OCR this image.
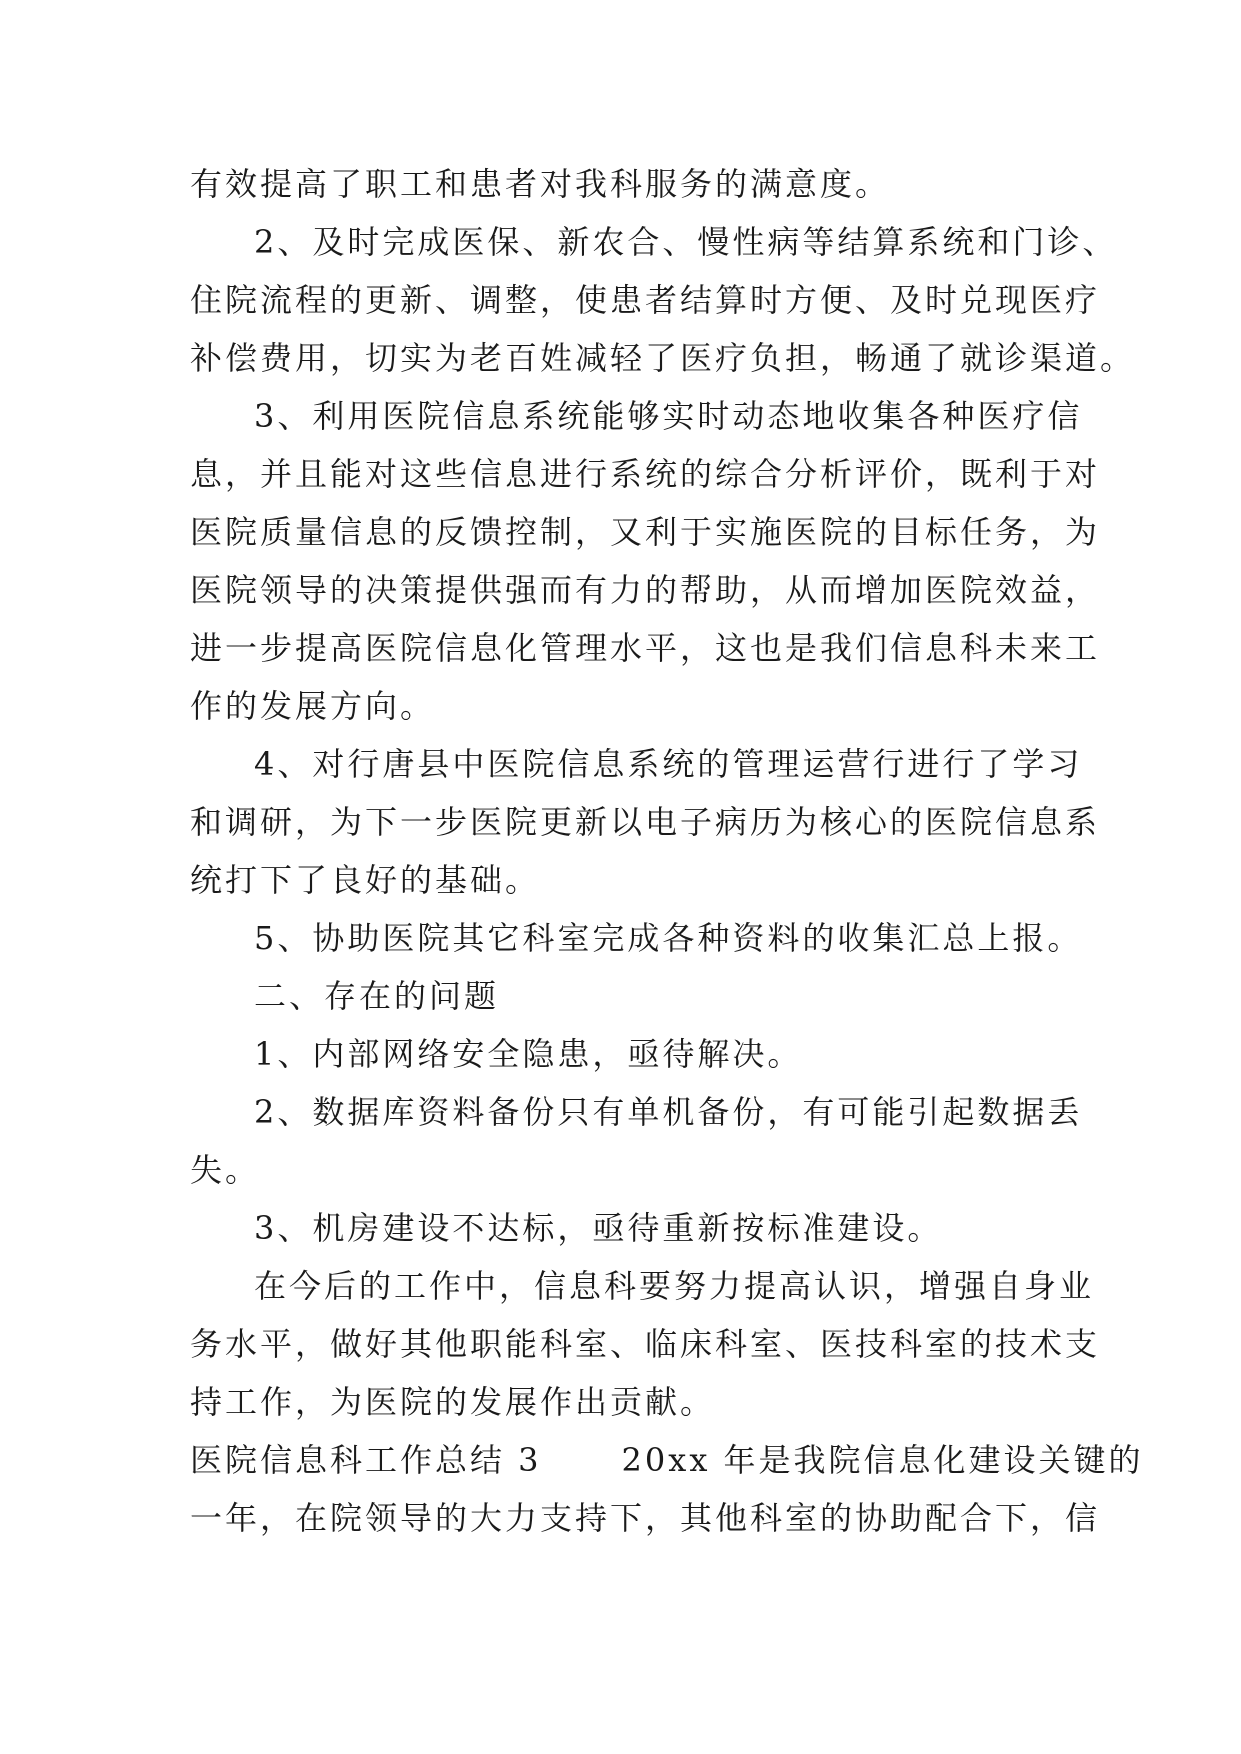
有效提高了职工和患者对我科服务的满意度。
2、及时完成医保、新农合、慢性病等结算系统和门诊、
住院流程的更新、调整，使患者结算时方便、及时兑现医疗
补偿费用，切实为老百姓减轻了医疗负担，畅通了就诊渠道。
3、利用医院信息系统能够实时动态地收集各种医疗信
息，并且能对这些信息进行系统的综合分析评价，既利于对
医院质量信息的反馈控制，又利于实施医院的目标任务，为
医院领导的决策提供强而有力的帮助，从而增加医院效益，
进一步提高医院信息化管理水平，这也是我们信息科未来工
作的发展方向。
4、对行唐县中医院信息系统的管理运营行进行了学习
和调研，为下一步医院更新以电子病历为核心的医院信息系
统打下了良好的基础。
5、协助医院其它科室完成各种资料的收集汇总上报。
二、存在的问题
1、内部网络安全隐患，亟待解决。
2、数据库资料备份只有单机备份，有可能引起数据丢
失。
3、机房建设不达标，亟待重新按标准建设。
在今后的工作中，信息科要努力提高认识，增强自身业
务水平，做好其他职能科室、临床科室、医技科室的技术支
持工作，为医院的发展作出贡献。
医院信息科工作总结 3	20xx 年是我院信息化建设关键的
一年，在院领导的大力支持下，其他科室的协助配合下，信
